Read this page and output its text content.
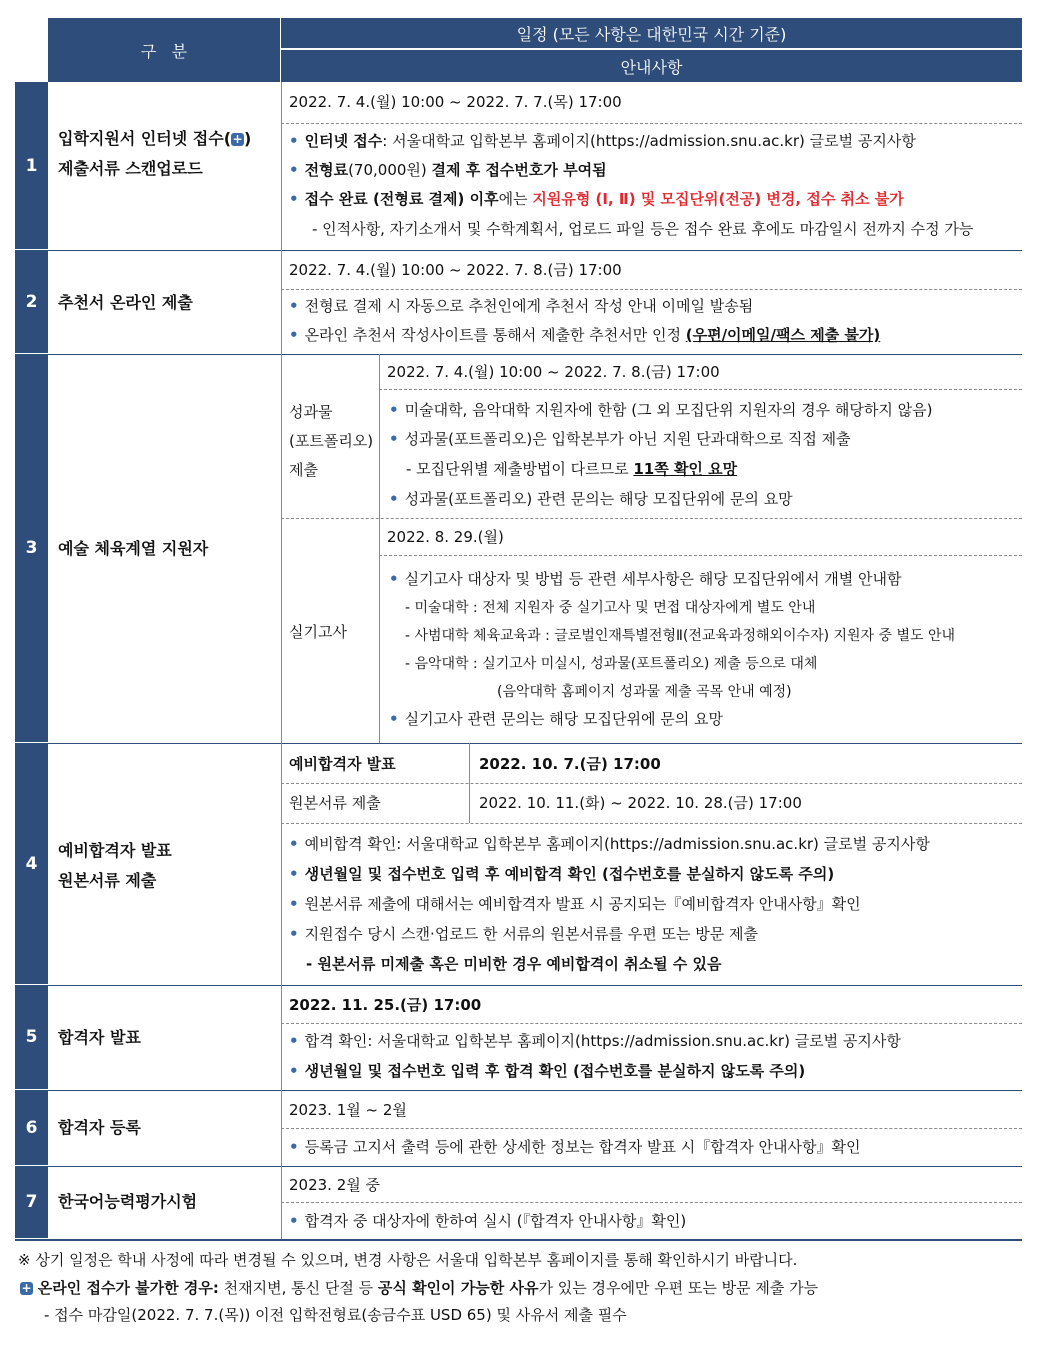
구   분
일정 (모든 사항은 대한민국 시간 기준)
안내사항
1
2
3
4
5
6
7
입학지원서 인터넷 접수(+)
제출서류 스캔업로드
2022. 7. 4.(월) 10:00 ~ 2022. 7. 7.(목) 17:00
• 인터넷 접수: 서울대학교 입학본부 홈페이지(https://admission.snu.ac.kr) 글로벌 공지사항
• 전형료(70,000원) 결제 후 접수번호가 부여됨
• 접수 완료 (전형료 결제) 이후에는 지원유형 (Ⅰ, Ⅱ) 및 모집단위(전공) 변경, 접수 취소 불가
- 인적사항, 자기소개서 및 수학계획서, 업로드 파일 등은 접수 완료 후에도 마감일시 전까지 수정 가능
추천서 온라인 제출
2022. 7. 4.(월) 10:00 ~ 2022. 7. 8.(금) 17:00
• 전형료 결제 시 자동으로 추천인에게 추천서 작성 안내 이메일 발송됨
• 온라인 추천서 작성사이트를 통해서 제출한 추천서만 인정 (우편/이메일/팩스 제출 불가)
예술 체육계열 지원자
성과물
(포트폴리오)
제출
2022. 7. 4.(월) 10:00 ~ 2022. 7. 8.(금) 17:00
• 미술대학, 음악대학 지원자에 한함 (그 외 모집단위 지원자의 경우 해당하지 않음)
• 성과물(포트폴리오)은 입학본부가 아닌 지원 단과대학으로 직접 제출
- 모집단위별 제출방법이 다르므로 11쪽 확인 요망
• 성과물(포트폴리오) 관련 문의는 해당 모집단위에 문의 요망
실기고사
2022. 8. 29.(월)
• 실기고사 대상자 및 방법 등 관련 세부사항은 해당 모집단위에서 개별 안내함
- 미술대학 : 전체 지원자 중 실기고사 및 면접 대상자에게 별도 안내
- 사범대학 체육교육과 : 글로벌인재특별전형Ⅱ(전교육과정해외이수자) 지원자 중 별도 안내
- 음악대학 : 실기고사 미실시, 성과물(포트폴리오) 제출 등으로 대체
(음악대학 홈페이지 성과물 제출 곡목 안내 예정)
• 실기고사 관련 문의는 해당 모집단위에 문의 요망
예비합격자 발표
원본서류 제출
예비합격자 발표	2022. 10. 7.(금) 17:00
원본서류 제출	2022. 10. 11.(화) ~ 2022. 10. 28.(금) 17:00
• 예비합격 확인: 서울대학교 입학본부 홈페이지(https://admission.snu.ac.kr) 글로벌 공지사항
• 생년월일 및 접수번호 입력 후 예비합격 확인 (접수번호를 분실하지 않도록 주의)
• 원본서류 제출에 대해서는 예비합격자 발표 시 공지되는『예비합격자 안내사항』확인
• 지원접수 당시 스캔·업로드 한 서류의 원본서류를 우편 또는 방문 제출
- 원본서류 미제출 혹은 미비한 경우 예비합격이 취소될 수 있음
합격자 발표
2022. 11. 25.(금) 17:00
• 합격 확인: 서울대학교 입학본부 홈페이지(https://admission.snu.ac.kr) 글로벌 공지사항
• 생년월일 및 접수번호 입력 후 합격 확인 (접수번호를 분실하지 않도록 주의)
합격자 등록
2023. 1월 ~ 2월
• 등록금 고지서 출력 등에 관한 상세한 정보는 합격자 발표 시『합격자 안내사항』확인
한국어능력평가시험
2023. 2월 중
• 합격자 중 대상자에 한하여 실시 (『합격자 안내사항』확인)
※ 상기 일정은 학내 사정에 따라 변경될 수 있으며, 변경 사항은 서울대 입학본부 홈페이지를 통해 확인하시기 바랍니다.
+ 온라인 접수가 불가한 경우: 천재지변, 통신 단절 등 공식 확인이 가능한 사유가 있는 경우에만 우편 또는 방문 제출 가능
- 접수 마감일(2022. 7. 7.(목)) 이전 입학전형료(송금수표 USD 65) 및 사유서 제출 필수
